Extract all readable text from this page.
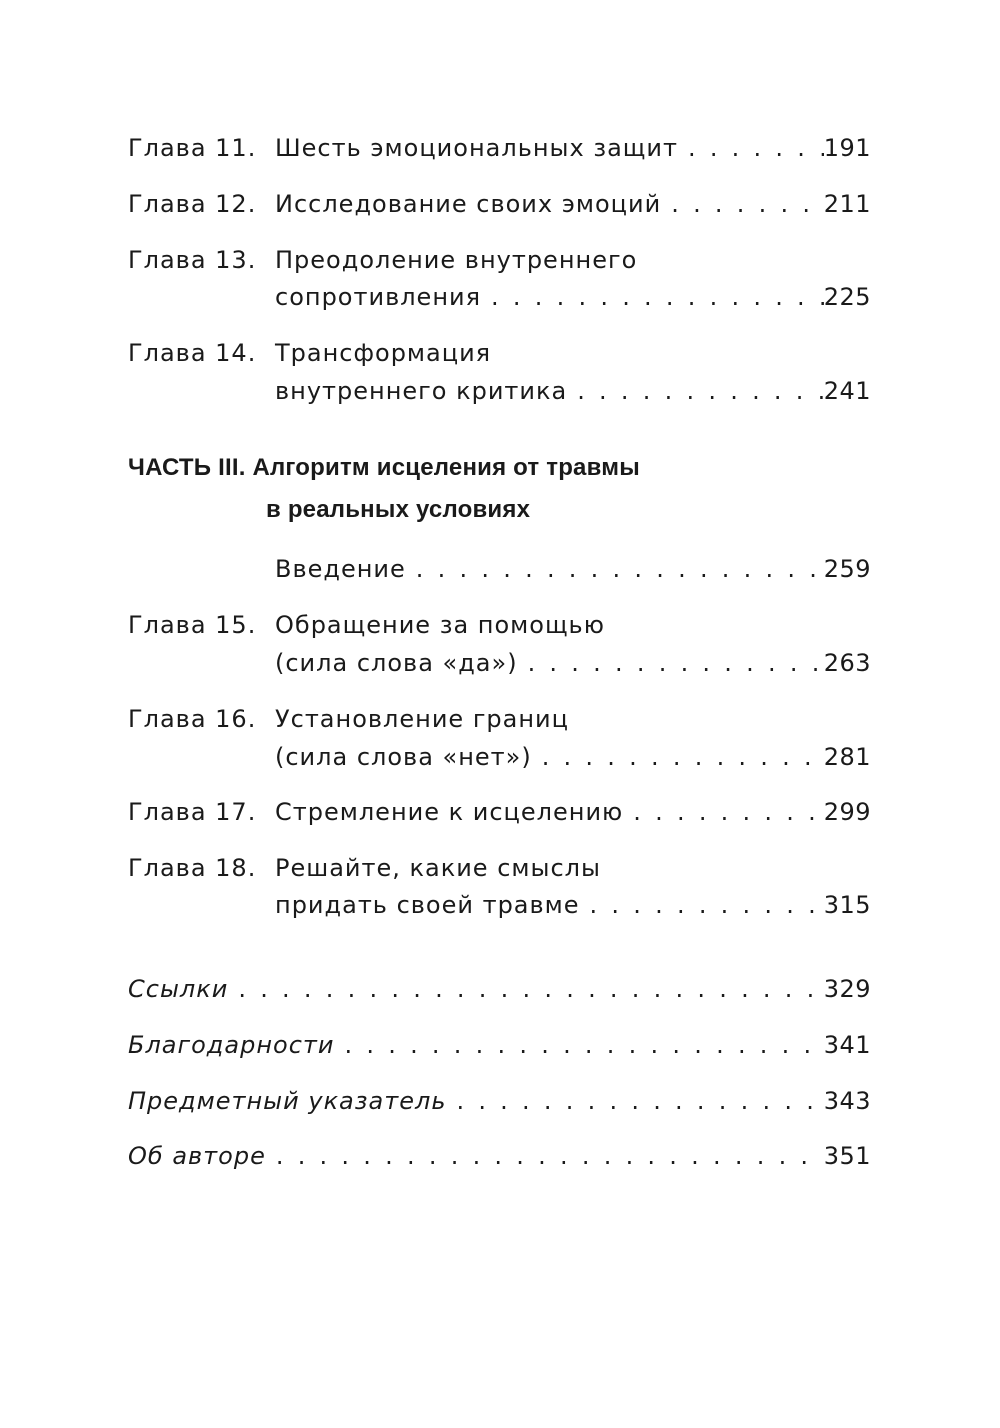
Глава 11. Шесть эмоциональных защит . . .	191
Глава 12. Исследование своих эмоций . . .	211
Глава 13. Преодоление внутреннего
сопротивления . . .	225
Глава 14. Трансформация
внутреннего критика . . .	241
ЧАСТЬ III. Алгоритм исцеления от травмы
в реальных условиях
Введение . . .	259
Глава 15. Обращение за помощью
(сила слова «да») . . .	263
Глава 16. Установление границ
(сила слова «нет») . . .	281
Глава 17. Стремление к исцелению . . .	299
Глава 18. Решайте, какие смыслы
придать своей травме . . .	315
Ссылки . . .	329
Благодарности . . .	341
Предметный указатель . . .	343
Об авторе . . .	351
